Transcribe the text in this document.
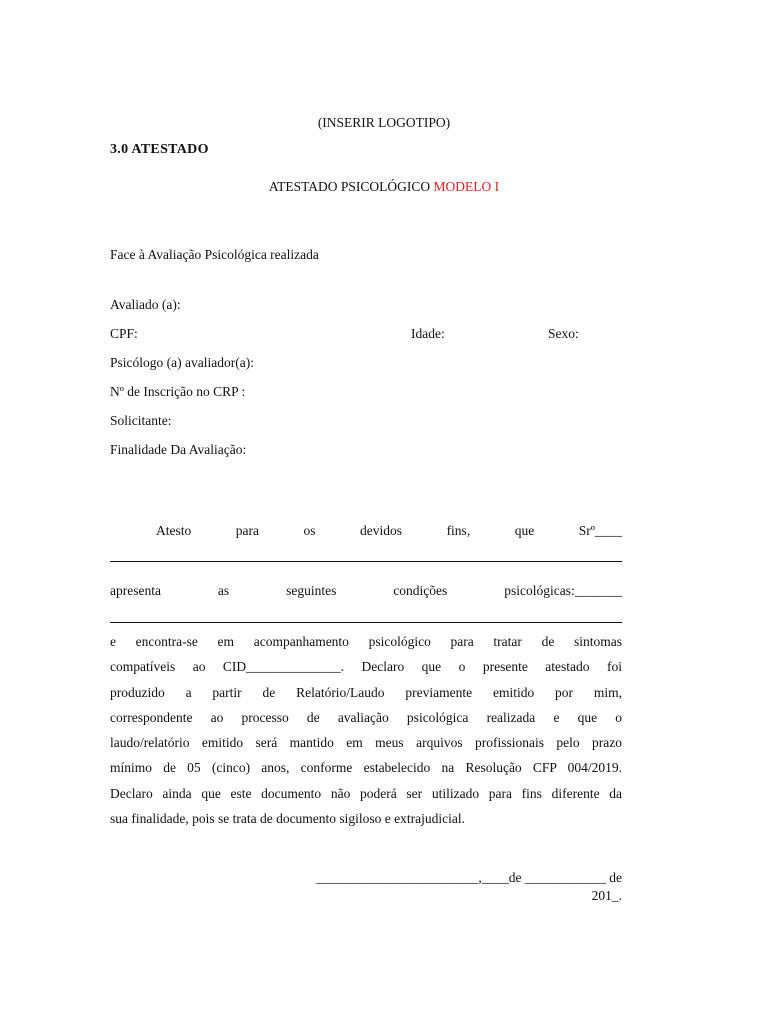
(INSERIR LOGOTIPO)
3.0 ATESTADO
ATESTADO PSICOLÓGICO MODELO I
Face à Avaliação Psicológica realizada
Avaliado (a):
CPF:	Idade:	Sexo:
Psicólogo (a) avaliador(a):
Nº de Inscrição no CRP :
Solicitante:
Finalidade Da Avaliação:
Atesto	para	os	devidos	fins,	que	Srº____
apresenta	as	seguintes	condições	psicológicas:_______
e encontra-se em acompanhamento psicológico para tratar de sintomas
compatíveis ao CID______________. Declaro que o presente atestado foi
produzido a partir de Relatório/Laudo previamente emitido por mim,
correspondente ao processo de avaliação psicológica realizada e que o
laudo/relatório emitido será mantido em meus arquivos profissionais pelo prazo
mínimo de 05 (cinco) anos, conforme estabelecido na Resolução CFP 004/2019.
Declaro ainda que este documento não poderá ser utilizado para fins diferente da
sua finalidade, pois se trata de documento sigiloso e extrajudicial.
________________________,____de ____________ de
201_.
